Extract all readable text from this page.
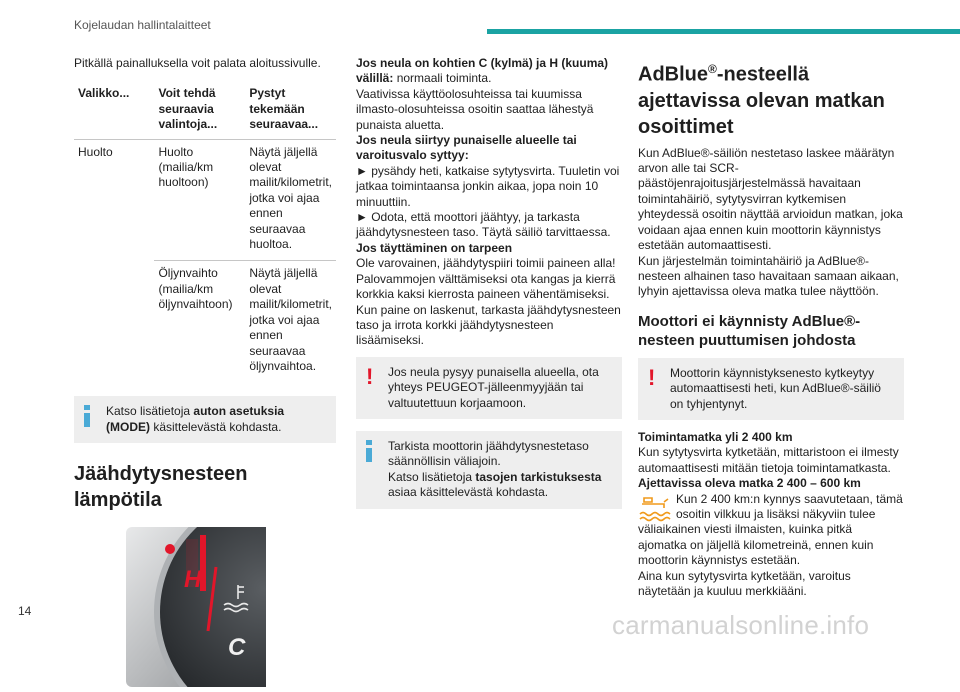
Kojelaudan hallintalaitteet

Pitkällä painalluksella voit palata aloitussivulle.

Valikko...	Voit tehdä seuraavia valintoja...	Pystyt tekemään seuraavaa...
Huolto	Huolto (mailia/km huoltoon)	Näytä jäljellä olevat mailit/kilometrit, jotka voi ajaa ennen seuraavaa huoltoa.
	Öljynvaihto (mailia/km öljynvaihtoon)	Näytä jäljellä olevat mailit/kilometrit, jotka voi ajaa ennen seuraavaa öljynvaihtoa.

Katso lisätietoja auton asetuksia (MODE) käsittelevästä kohdasta.

Jäähdytysnesteen lämpötila
H
C

Jos neula on kohtien C (kylmä) ja H (kuuma) välillä: normaali toiminta.

Vaativissa käyttöolosuhteissa tai kuumissa ilmasto-olosuhteissa osoitin saattaa lähestyä punaista aluetta.

Jos neula siirtyy punaiselle alueelle tai varoitusvalo syttyy:

► pysähdy heti, katkaise sytytysvirta. Tuuletin voi jatkaa toimintaansa jonkin aikaa, jopa noin 10 minuuttiin.

► Odota, että moottori jäähtyy, ja tarkasta jäähdytysnesteen taso. Täytä säiliö tarvittaessa.

Jos täyttäminen on tarpeen

Ole varovainen, jäähdytyspiiri toimii paineen alla! Palovammojen välttämiseksi ota kangas ja kierrä korkkia kaksi kierrosta paineen vähentämiseksi. Kun paine on laskenut, tarkasta jäähdytysnesteen taso ja irrota korkki jäähdytysnesteen lisäämiseksi.

! Jos neula pysyy punaisella alueella, ota yhteys PEUGEOT-jälleenmyyjään tai valtuutettuun korjaamoon.

Tarkista moottorin jäähdytysnestetaso säännöllisin väliajoin.

Katso lisätietoja tasojen tarkistuksesta asiaa käsittelevästä kohdasta.

AdBlue®-nesteellä ajettavissa olevan matkan osoittimet

Kun AdBlue®-säiliön nestetaso laskee määrätyn arvon alle tai SCR-päästöjenrajoitusjärjestelmässä havaitaan toimintahäiriö, sytytysvirran kytkemisen yhteydessä osoitin näyttää arvioidun matkan, joka voidaan ajaa ennen kuin moottorin käynnistys estetään automaattisesti.

Kun järjestelmän toimintahäiriö ja AdBlue®-nesteen alhainen taso havaitaan samaan aikaan, lyhyin ajettavissa oleva matka tulee näyttöön.

Moottori ei käynnisty AdBlue®-nesteen puuttumisen johdosta
! Moottorin käynnistyksenesto kytkeytyy automaattisesti heti, kun AdBlue®-säiliö on tyhjentynyt.

Toimintamatka yli 2 400 km

Kun sytytysvirta kytketään, mittaristoon ei ilmesty automaattisesti mitään tietoja toimintamatkasta.

Ajettavissa oleva matka 2 400 – 600 km

Kun 2 400 km:n kynnys saavutetaan, tämä osoitin vilkkuu ja lisäksi näkyviin tulee väliaikainen viesti ilmaisten, kuinka pitkä ajomatka on jäljellä kilometreinä, ennen kuin moottorin käynnistys estetään.

Aina kun sytytysvirta kytketään, varoitus näytetään ja kuuluu merkkiääni.

14	carmanualsonline.info
